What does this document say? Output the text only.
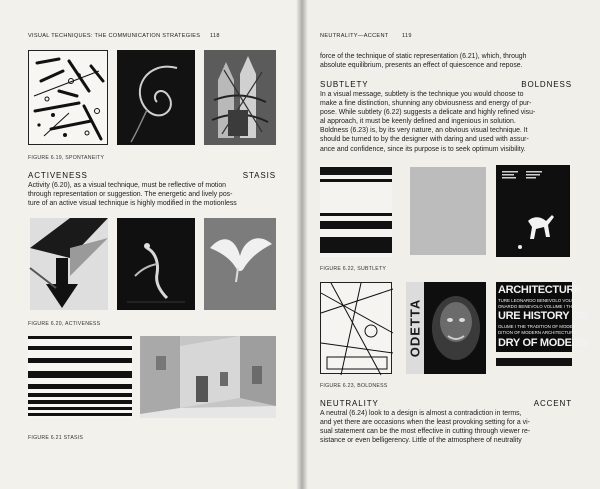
VISUAL TECHNIQUES: THE COMMUNICATION STRATEGIES 118
FIGURE 6.19, SPONTANEITY
ACTIVENESS	STASIS
Activity (6.20), as a visual technique, must be reflective of motion
through representation or suggestion. The energetic and lively pos-
ture of an active visual technique is highly modified in the motionless
FIGURE 6.20, ACTIVENESS
FIGURE 6.21 STASIS
NEUTRALITY—ACCENT 119
force of the technique of static representation (6.21), which, through
absolute equilibrium, presents an effect of quiescence and repose.
SUBTLETY	BOLDNESS
In a visual message, subtlety is the technique you would choose to
make a fine distinction, shunning any obviousness and energy of pur-
pose. While subtlety (6.22) suggests a delicate and highly refined visu-
al approach, it must be keenly defined and ingenious in solution.
Boldness (6.23) is, by its very nature, an obvious visual technique. It
should be turned to by the designer with daring and used with assur-
ance and confidence, since its purpose is to seek optimum visibility.
FIGURE 6.22, SUBTLETY
ODETTA
ARCHITECTURE
TURE LEONARDO BENEVOLO VOLU
ONARDO BENEVOLO VOLUME I TH
URE HISTORY OF
OLUME I THE TRADITION OF MODER
DITION OF MODERN ARCHITECTURE
DRY OF MODERN
FIGURE 6.23, BOLDNESS
NEUTRALITY	ACCENT
A neutral (6.24) look to a design is almost a contradiction in terms,
and yet there are occasions when the least provoking setting for a vi-
sual statement can be the most effective in cutting through viewer re-
sistance or even belligerency. Little of the atmosphere of neutrality
